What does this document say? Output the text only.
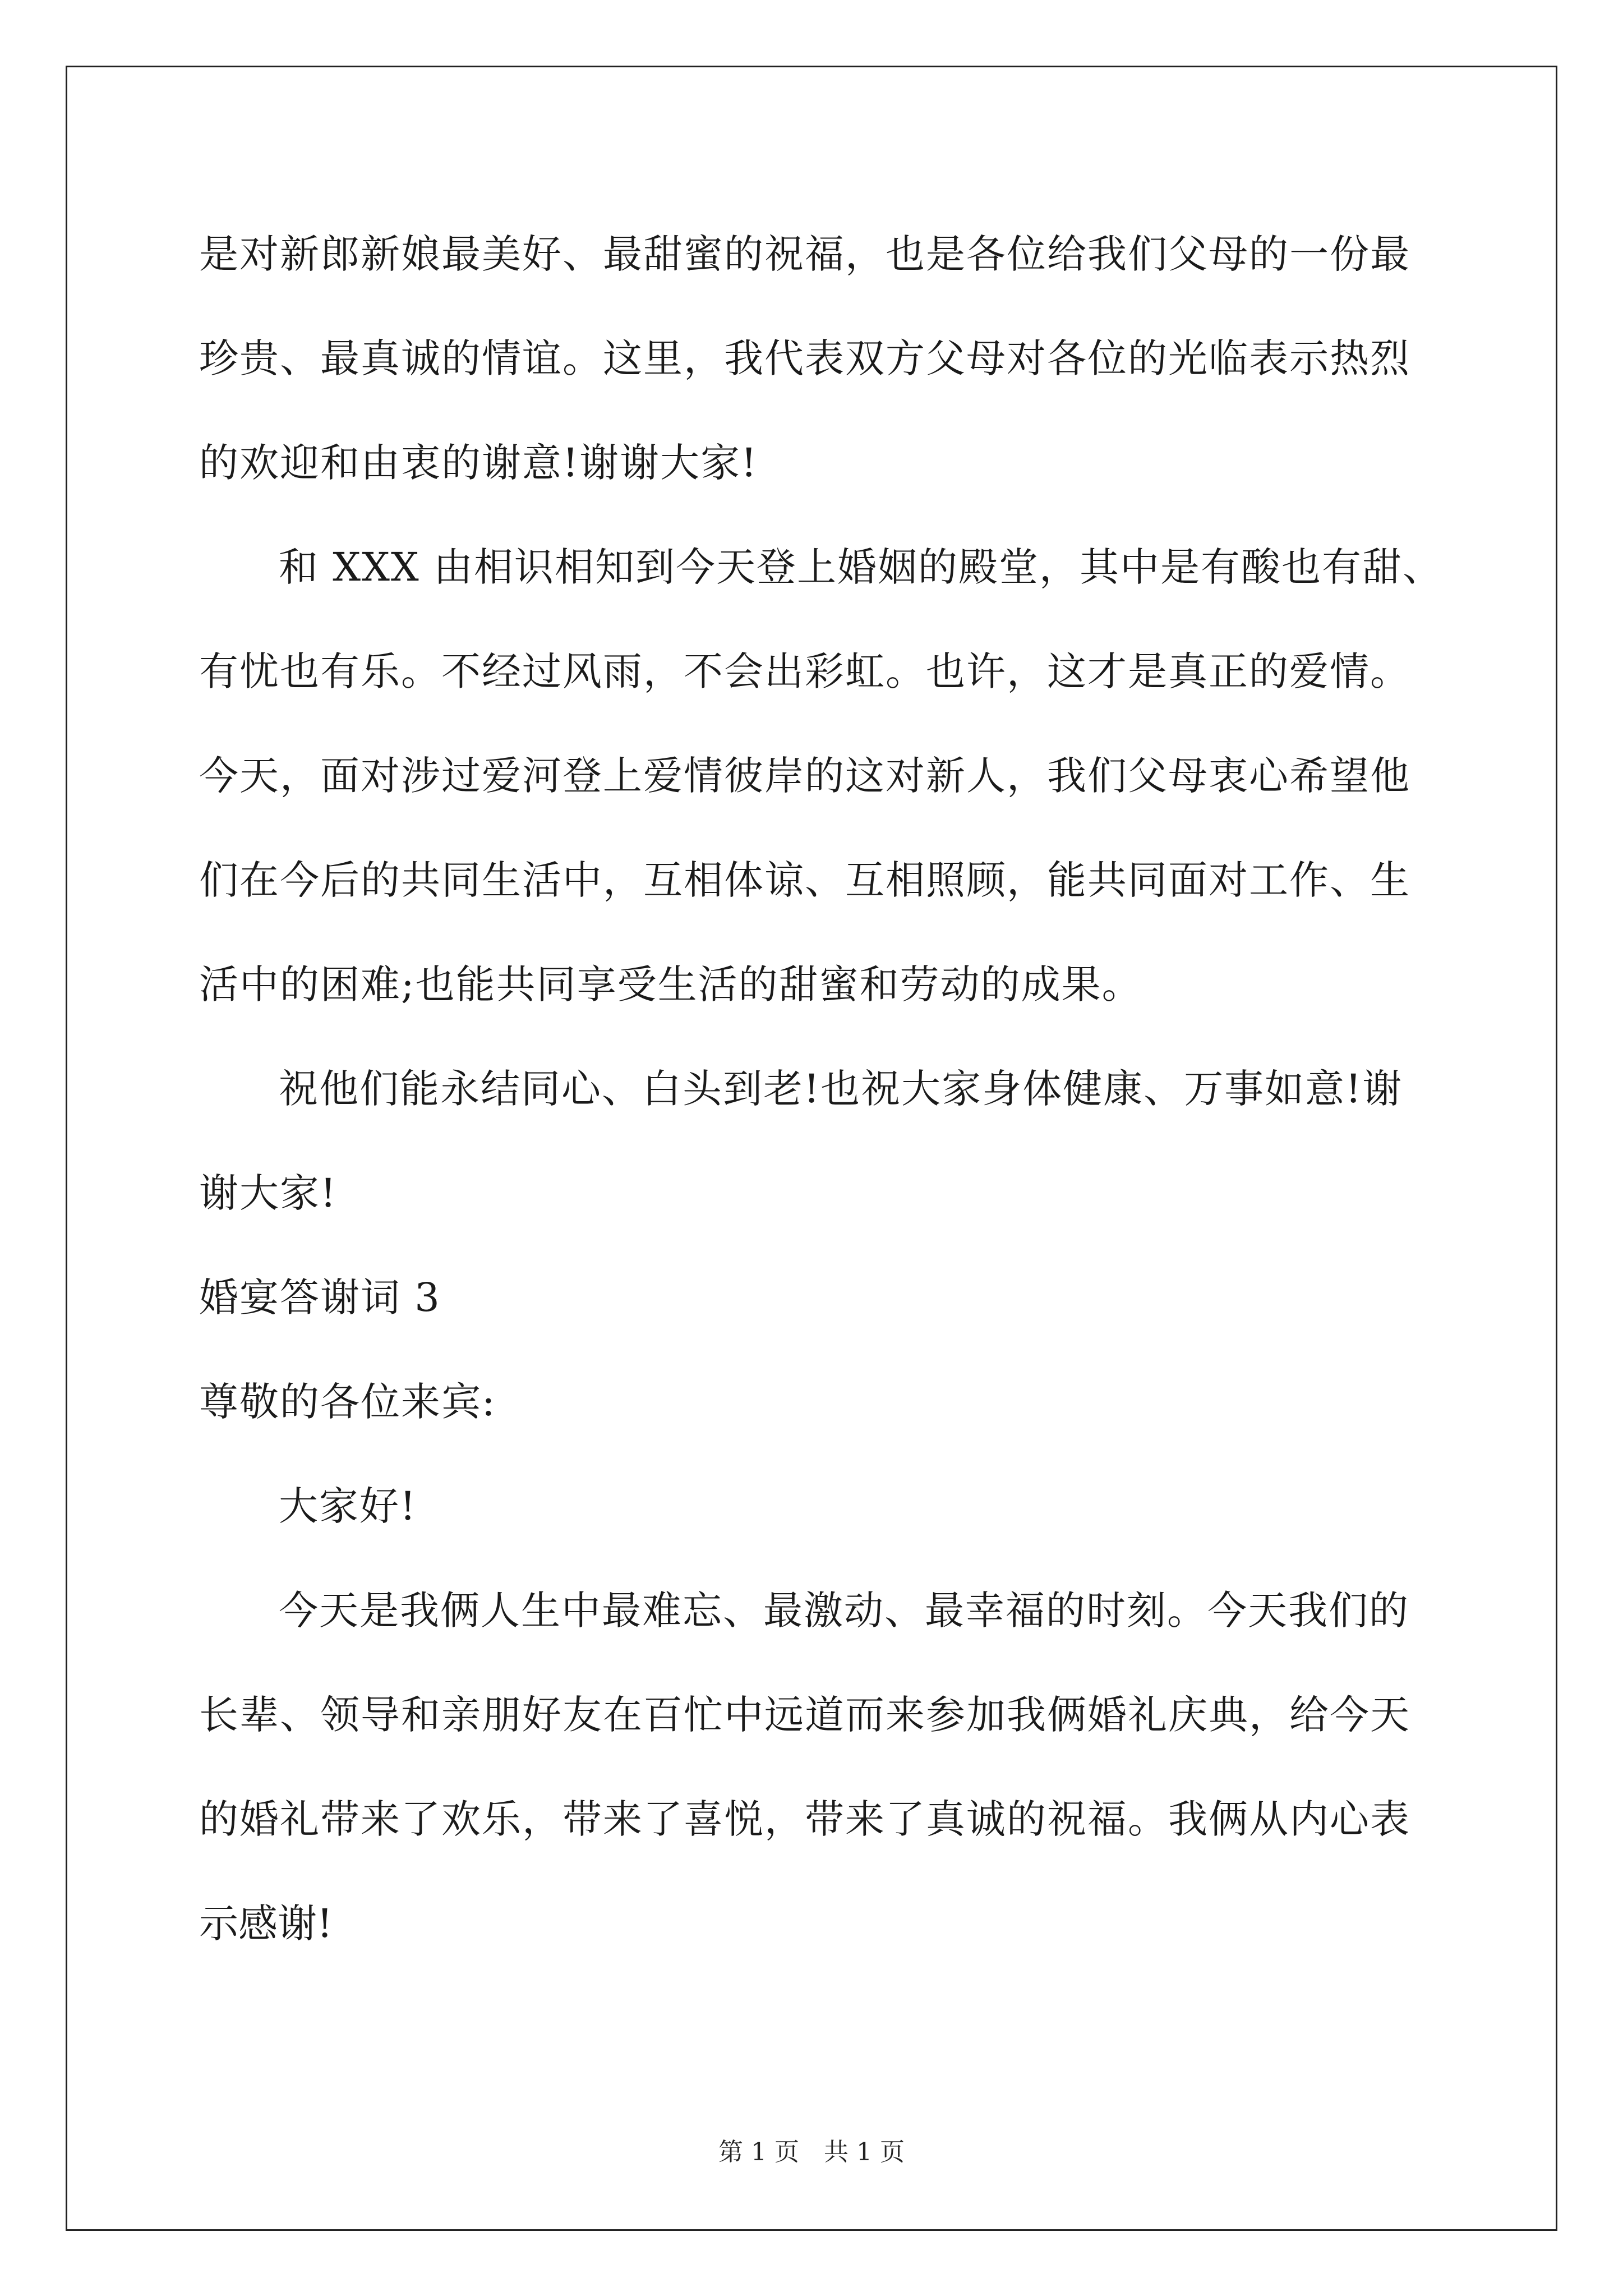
是对新郎新娘最美好、最甜蜜的祝福，也是各位给我们父母的一份最
珍贵、最真诚的情谊。这里，我代表双方父母对各位的光临表示热烈
的欢迎和由衷的谢意!谢谢大家!
和 XXX 由相识相知到今天登上婚姻的殿堂，其中是有酸也有甜、
有忧也有乐。不经过风雨，不会出彩虹。也许，这才是真正的爱情。
今天，面对涉过爱河登上爱情彼岸的这对新人，我们父母衷心希望他
们在今后的共同生活中，互相体谅、互相照顾，能共同面对工作、生
活中的困难;也能共同享受生活的甜蜜和劳动的成果。
祝他们能永结同心、白头到老!也祝大家身体健康、万事如意!谢
谢大家!
婚宴答谢词 3
尊敬的各位来宾:
大家好!
今天是我俩人生中最难忘、最激动、最幸福的时刻。今天我们的
长辈、领导和亲朋好友在百忙中远道而来参加我俩婚礼庆典，给今天
的婚礼带来了欢乐，带来了喜悦，带来了真诚的祝福。我俩从内心表
示感谢!
第 1 页　共 1 页
